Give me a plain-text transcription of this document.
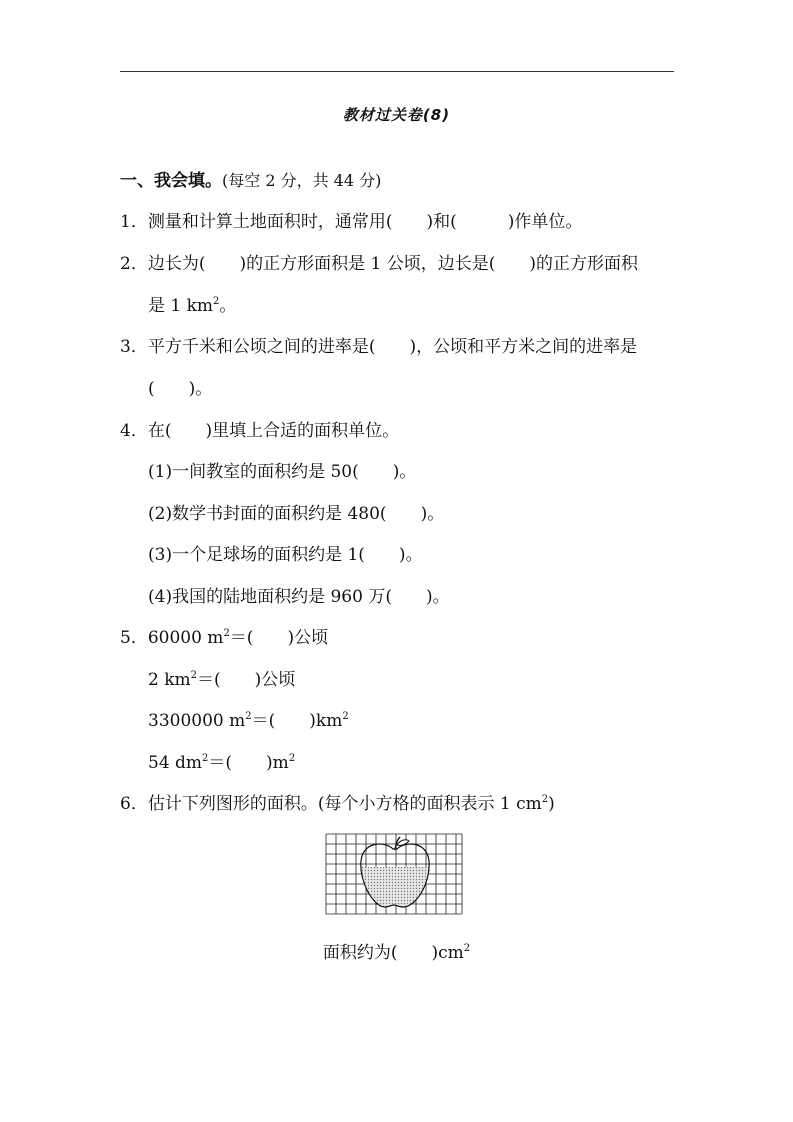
教材过关卷(8)
一、我会填。(每空 2 分，共 44 分)
1．测量和计算土地面积时，通常用(　　)和(　　　)作单位。
2．边长为(　　)的正方形面积是 1 公顷，边长是(　　)的正方形面积
是 1 $km^2$。
3．平方千米和公顷之间的进率是(　　)，公顷和平方米之间的进率是
(　　)。
4．在(　　)里填上合适的面积单位。
(1)一间教室的面积约是 50(　　)。
(2)数学书封面的面积约是 480(　　)。
(3)一个足球场的面积约是 1(　　)。
(4)我国的陆地面积约是 960 万(　　)。
5．60000 $m^2=$(　　)公顷
2 $km^2=$(　　)公顷
3300000 $m^2=$(　　)$km^2$
54 $dm^2=$(　　)$m^2$
6．估计下列图形的面积。(每个小方格的面积表示 1 $cm^2$)
面积约为(　　)$cm^2$
